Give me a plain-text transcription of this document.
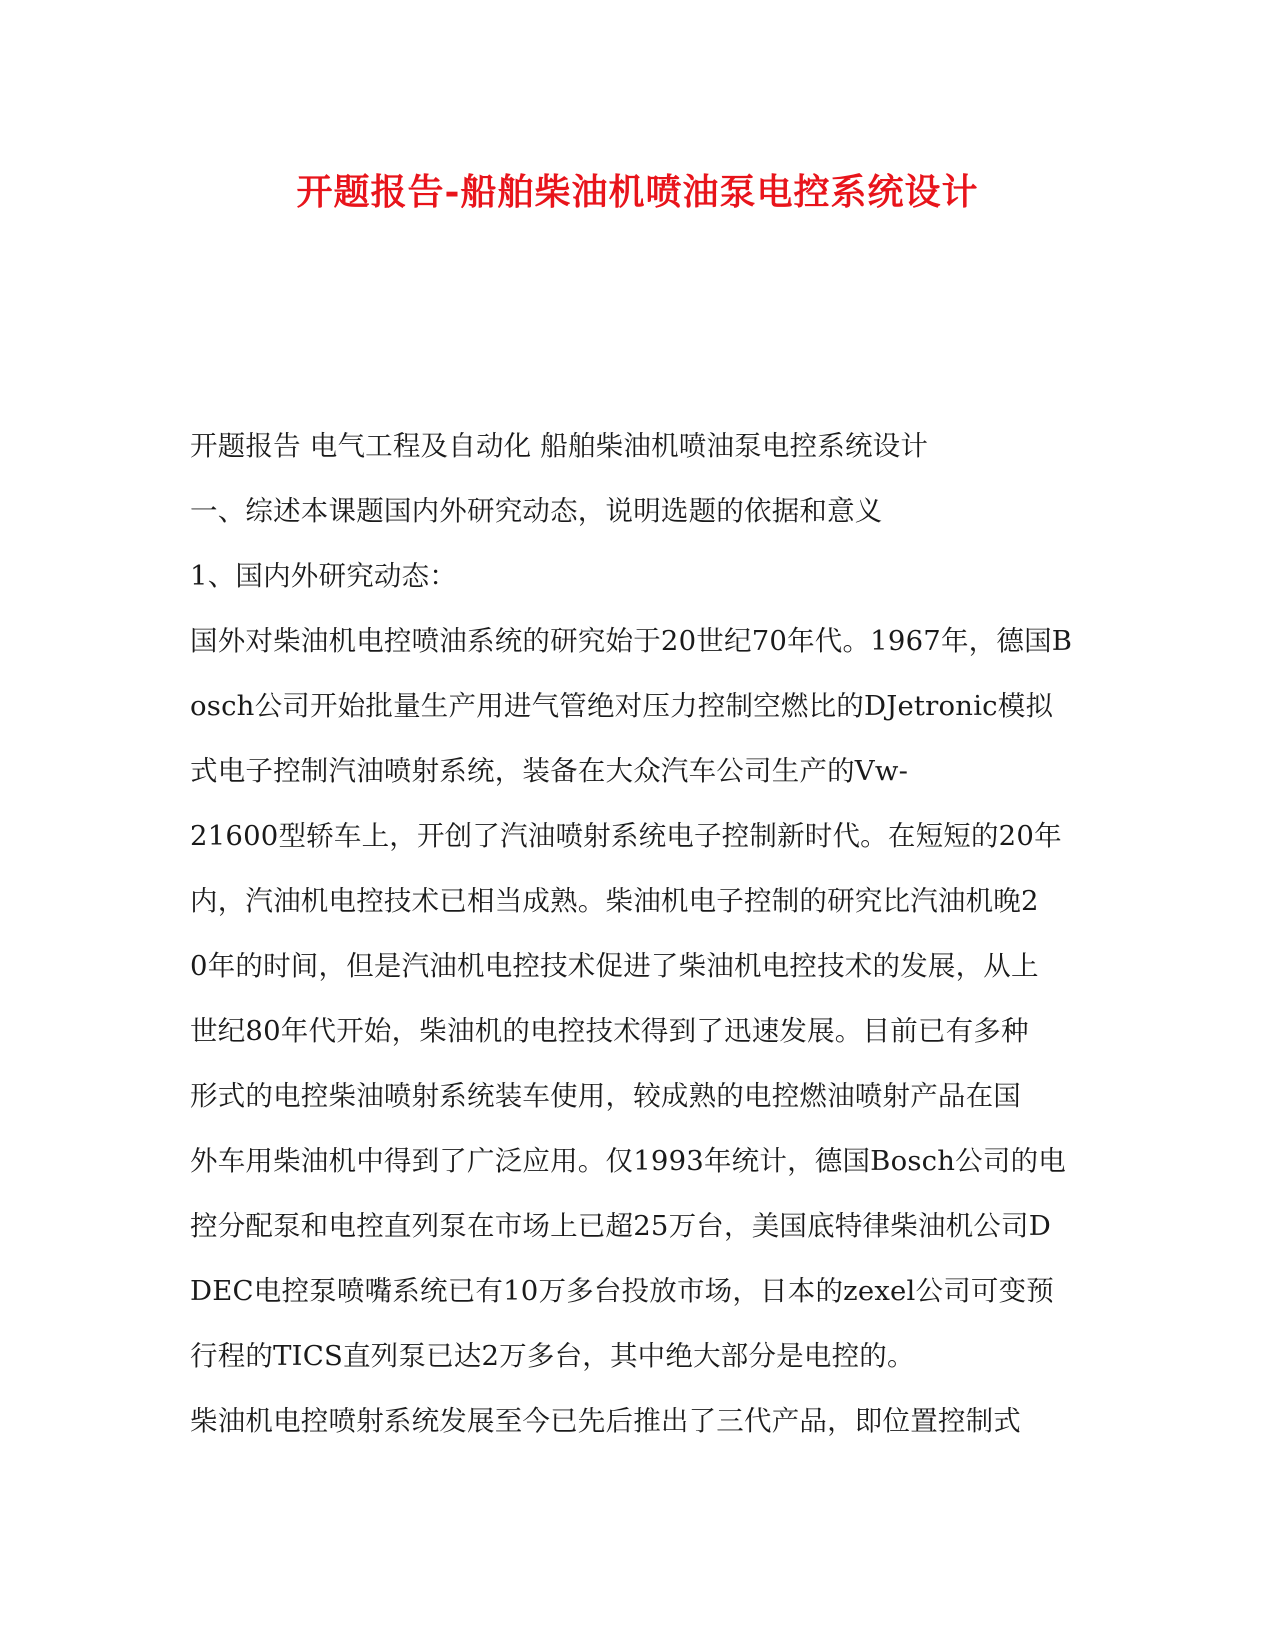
开题报告-船舶柴油机喷油泵电控系统设计
开题报告 电气工程及自动化 船舶柴油机喷油泵电控系统设计
一、综述本课题国内外研究动态，说明选题的依据和意义
1、国内外研究动态：
国外对柴油机电控喷油系统的研究始于20世纪70年代。1967年，德国B
osch公司开始批量生产用进气管绝对压力控制空燃比的DJetronic模拟
式电子控制汽油喷射系统，装备在大众汽车公司生产的Vw-
21600型轿车上，开创了汽油喷射系统电子控制新时代。在短短的20年
内，汽油机电控技术已相当成熟。柴油机电子控制的研究比汽油机晚2
0年的时间，但是汽油机电控技术促进了柴油机电控技术的发展，从上
世纪80年代开始，柴油机的电控技术得到了迅速发展。目前已有多种
形式的电控柴油喷射系统装车使用，较成熟的电控燃油喷射产品在国
外车用柴油机中得到了广泛应用。仅1993年统计，德国Bosch公司的电
控分配泵和电控直列泵在市场上已超25万台，美国底特律柴油机公司D
DEC电控泵喷嘴系统已有10万多台投放市场，日本的zexel公司可变预
行程的TICS直列泵已达2万多台，其中绝大部分是电控的。
柴油机电控喷射系统发展至今已先后推出了三代产品，即位置控制式
